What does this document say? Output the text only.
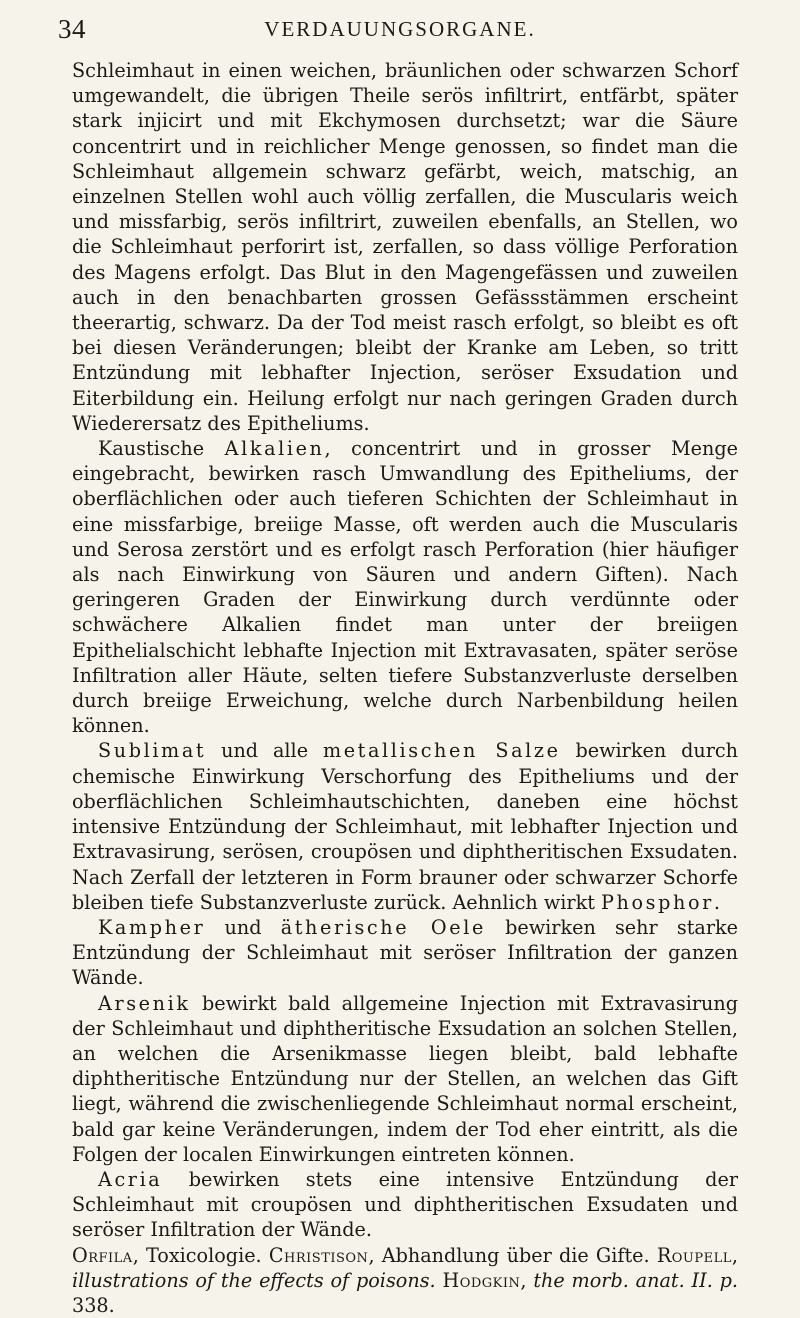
34	VERDAUUNGSORGANE.

Schleimhaut in einen weichen, bräunlichen oder schwarzen Schorf umgewandelt, die übrigen Theile serös infiltrirt, entfärbt, später stark injicirt und mit Ekchymosen durchsetzt; war die Säure concentrirt und in reichlicher Menge genossen, so findet man die Schleimhaut allgemein schwarz gefärbt, weich, matschig, an einzelnen Stellen wohl auch völlig zerfallen, die Muscularis weich und missfarbig, serös infiltrirt, zuweilen ebenfalls, an Stellen, wo die Schleimhaut perforirt ist, zerfallen, so dass völlige Perforation des Magens erfolgt. Das Blut in den Magengefässen und zuweilen auch in den benachbarten grossen Gefässstämmen erscheint theerartig, schwarz. Da der Tod meist rasch erfolgt, so bleibt es oft bei diesen Veränderungen; bleibt der Kranke am Leben, so tritt Entzündung mit lebhafter Injection, seröser Exsudation und Eiterbildung ein. Heilung erfolgt nur nach geringen Graden durch Wiederersatz des Epitheliums.

Kaustische Alkalien, concentrirt und in grosser Menge eingebracht, bewirken rasch Umwandlung des Epitheliums, der oberflächlichen oder auch tieferen Schichten der Schleimhaut in eine missfarbige, breiige Masse, oft werden auch die Muscularis und Serosa zerstört und es erfolgt rasch Perforation (hier häufiger als nach Einwirkung von Säuren und andern Giften). Nach geringeren Graden der Einwirkung durch verdünnte oder schwächere Alkalien findet man unter der breiigen Epithelialschicht lebhafte Injection mit Extravasaten, später seröse Infiltration aller Häute, selten tiefere Substanzverluste derselben durch breiige Erweichung, welche durch Narbenbildung heilen können.

Sublimat und alle metallischen Salze bewirken durch chemische Einwirkung Verschorfung des Epitheliums und der oberflächlichen Schleimhautschichten, daneben eine höchst intensive Entzündung der Schleimhaut, mit lebhafter Injection und Extravasirung, serösen, croupösen und diphtheritischen Exsudaten. Nach Zerfall der letzteren in Form brauner oder schwarzer Schorfe bleiben tiefe Substanzverluste zurück. Aehnlich wirkt Phosphor.

Kampher und ätherische Oele bewirken sehr starke Entzündung der Schleimhaut mit seröser Infiltration der ganzen Wände.

Arsenik bewirkt bald allgemeine Injection mit Extravasirung der Schleimhaut und diphtheritische Exsudation an solchen Stellen, an welchen die Arsenikmasse liegen bleibt, bald lebhafte diphtheritische Entzündung nur der Stellen, an welchen das Gift liegt, während die zwischenliegende Schleimhaut normal erscheint, bald gar keine Veränderungen, indem der Tod eher eintritt, als die Folgen der localen Einwirkungen eintreten können.

Acria bewirken stets eine intensive Entzündung der Schleimhaut mit croupösen und diphtheritischen Exsudaten und seröser Infiltration der Wände.

Orfila, Toxicologie. Christison, Abhandlung über die Gifte. Roupell, illustrations of the effects of poisons. Hodgkin, the morb. anat. II. p. 338.
